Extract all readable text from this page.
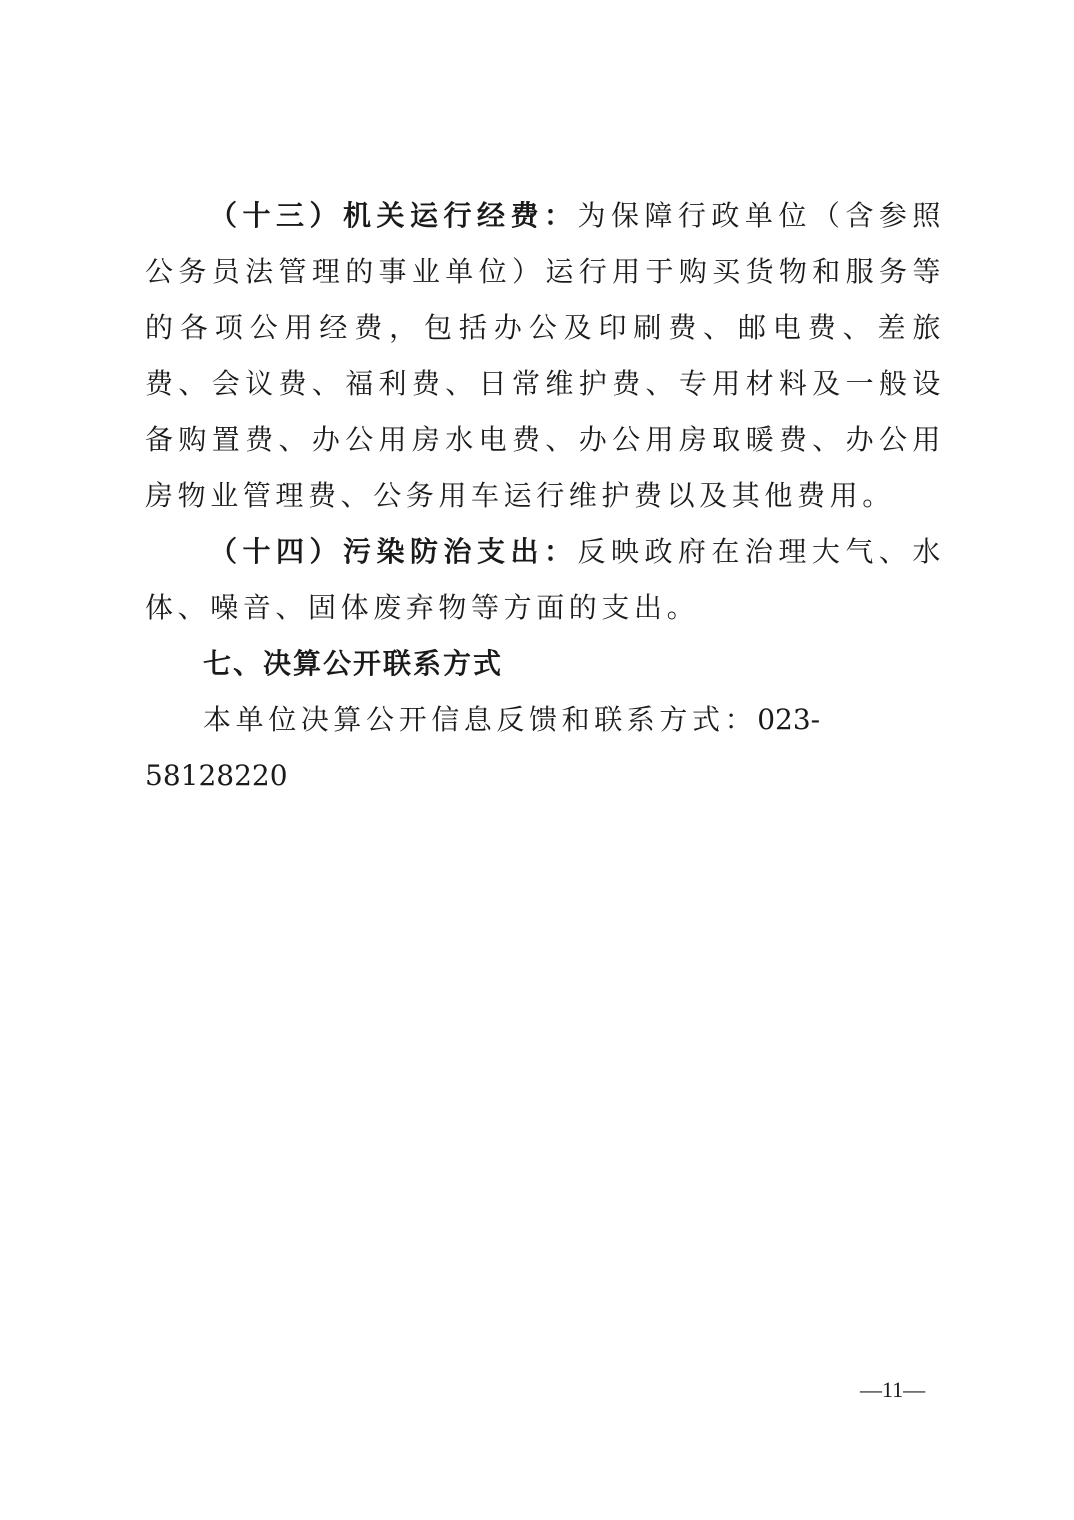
（十三）机关运行经费：为保障行政单位（含参照公务员法管理的事业单位）运行用于购买货物和服务等的各项公用经费，包括办公及印刷费、邮电费、差旅费、会议费、福利费、日常维护费、专用材料及一般设备购置费、办公用房水电费、办公用房取暖费、办公用房物业管理费、公务用车运行维护费以及其他费用。

（十四）污染防治支出：反映政府在治理大气、水体、噪音、固体废弃物等方面的支出。

七、决算公开联系方式

本单位决算公开信息反馈和联系方式：023-58128220

—11—
